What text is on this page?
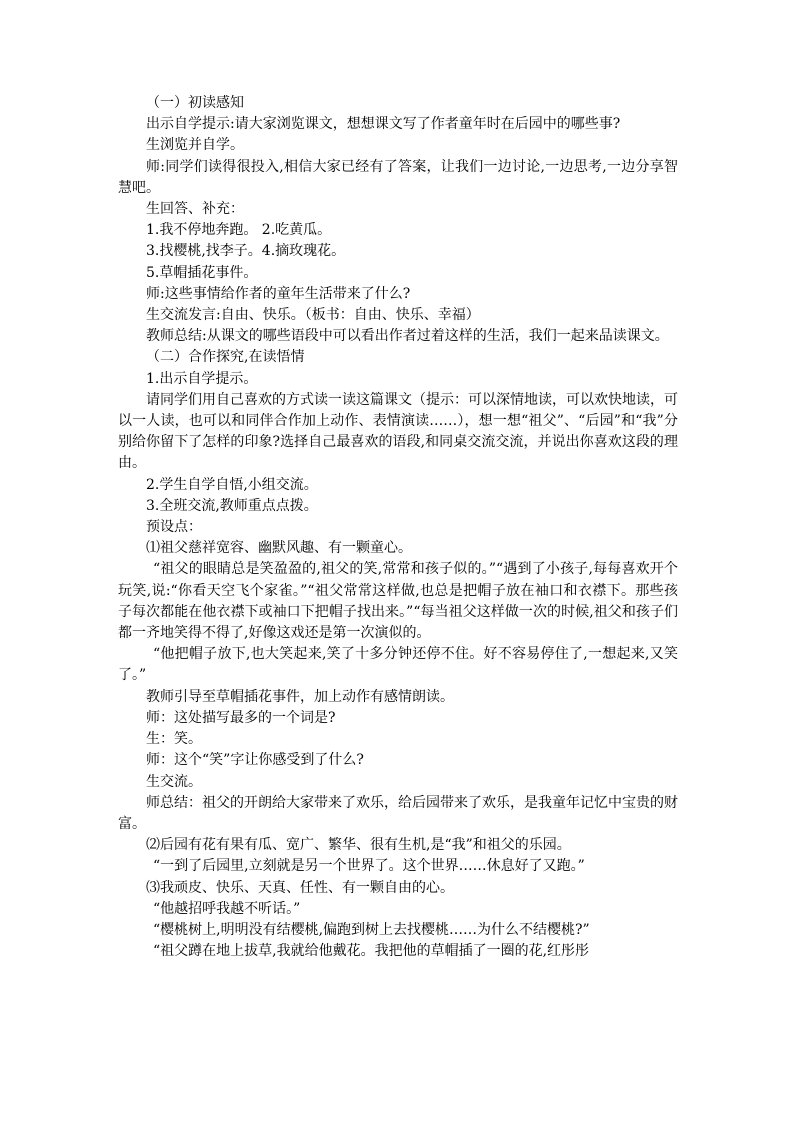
（一）初读感知

出示自学提示:请大家浏览课文，想想课文写了作者童年时在后园中的哪些事?

生浏览并自学。

师:同学们读得很投入,相信大家已经有了答案，让我们一边讨论,一边思考,一边分享智慧吧。

生回答、补充：

1.我不停地奔跑。 2.吃黄瓜。

3.找樱桃,找李子。4.摘玫瑰花。

5.草帽插花事件。

师:这些事情给作者的童年生活带来了什么?

生交流发言:自由、快乐。（板书：自由、快乐、幸福）

教师总结:从课文的哪些语段中可以看出作者过着这样的生活，我们一起来品读课文。

（二）合作探究,在读悟情

1.出示自学提示。

请同学们用自己喜欢的方式读一读这篇课文（提示：可以深情地读，可以欢快地读，可以一人读，也可以和同伴合作加上动作、表情演读……），想一想“祖父”、“后园”和“我”分别给你留下了怎样的印象?选择自己最喜欢的语段,和同桌交流交流，并说出你喜欢这段的理由。

2.学生自学自悟,小组交流。

3.全班交流,教师重点点拨。

预设点：

⑴祖父慈祥宽容、幽默风趣、有一颗童心。

“祖父的眼睛总是笑盈盈的,祖父的笑,常常和孩子似的。”“遇到了小孩子,每每喜欢开个玩笑,说:“你看天空飞个家雀。”“祖父常常这样做,也总是把帽子放在袖口和衣襟下。那些孩子每次都能在他衣襟下或袖口下把帽子找出来。”“每当祖父这样做一次的时候,祖父和孩子们都一齐地笑得不得了,好像这戏还是第一次演似的。

“他把帽子放下,也大笑起来,笑了十多分钟还停不住。好不容易停住了,一想起来,又笑了。”

教师引导至草帽插花事件，加上动作有感情朗读。

师：这处描写最多的一个词是?

生：笑。

师：这个“笑”字让你感受到了什么?

生交流。

师总结：祖父的开朗给大家带来了欢乐，给后园带来了欢乐，是我童年记忆中宝贵的财富。

⑵后园有花有果有瓜、宽广、繁华、很有生机,是“我”和祖父的乐园。

“一到了后园里,立刻就是另一个世界了。这个世界……休息好了又跑。”

⑶我顽皮、快乐、天真、任性、有一颗自由的心。

“他越招呼我越不听话。”

“樱桃树上,明明没有结樱桃,偏跑到树上去找樱桃……为什么不结樱桃?”

“祖父蹲在地上拔草,我就给他戴花。我把他的草帽插了一圈的花,红彤彤
